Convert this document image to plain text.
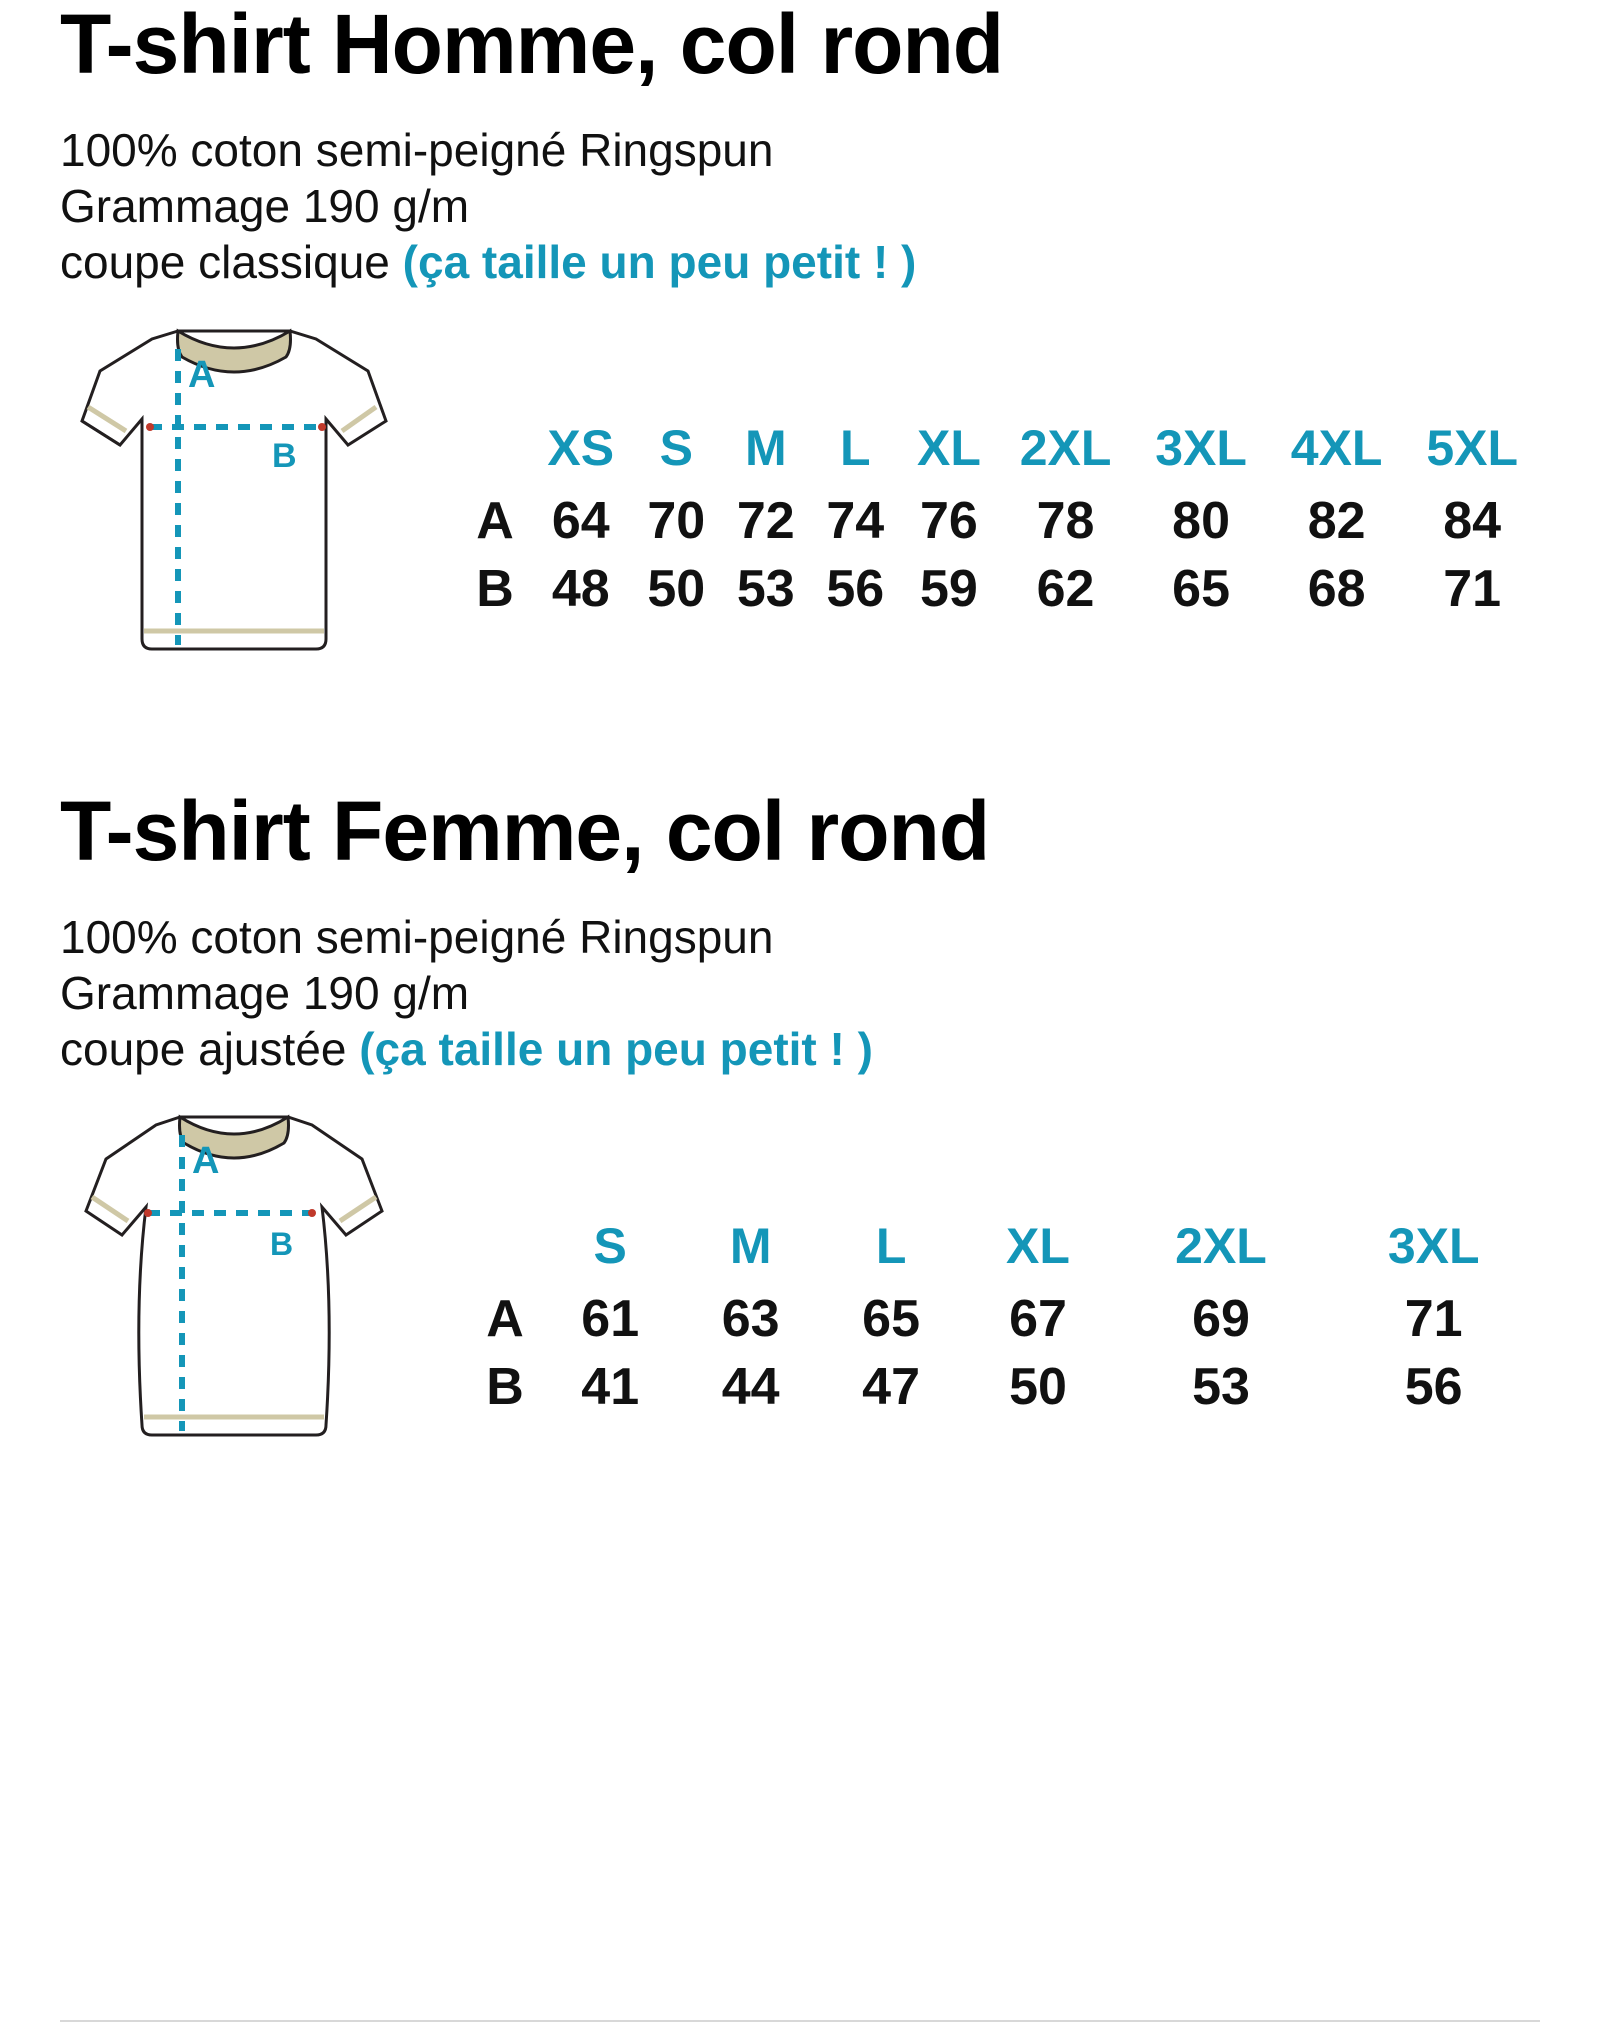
T-shirt Homme, col rond
100% coton semi-peigné Ringspun
Grammage 190 g/m
coupe classique (ça taille un peu petit ! )
A
B
		XS	S	M	L	XL	2XL	3XL	4XL	5XL
A	64	70	72	74	76	78	80	82	84
B	48	50	53	56	59	62	65	68	71
T-shirt Femme, col rond
100% coton semi-peigné Ringspun
Grammage 190 g/m
coupe ajustée (ça taille un peu petit ! )
A
B
		S	M	L	XL	2XL	3XL
A	61	63	65	67	69	71
B	41	44	47	50	53	56
